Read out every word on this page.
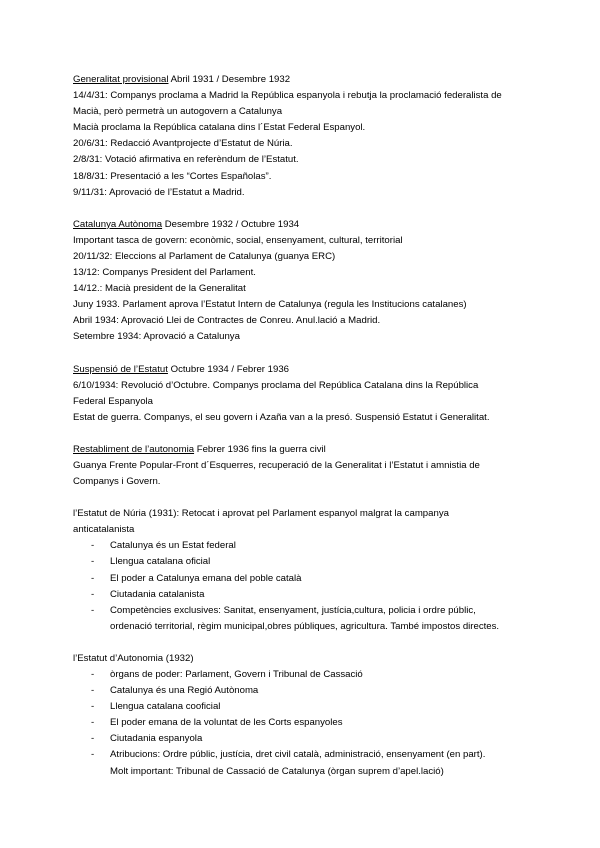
Generalitat provisional Abril 1931 / Desembre 1932
14/4/31: Companys proclama a Madrid la República espanyola i rebutja la proclamació federalista de
Macià, però permetrà un autogovern a Catalunya
Macià proclama la República catalana dins l´Estat Federal Espanyol.
20/6/31: Redacció Avantprojecte d’Estatut de Núria.
2/8/31: Votació afirmativa en referèndum de l’Estatut.
18/8/31: Presentació a les “Cortes Españolas”.
9/11/31: Aprovació de l’Estatut a Madrid.
Catalunya Autònoma Desembre 1932 / Octubre 1934
Important tasca de govern: econòmic, social, ensenyament, cultural, territorial
20/11/32: Eleccions al Parlament de Catalunya (guanya ERC)
13/12: Companys President del Parlament.
14/12.: Macià president de la Generalitat
Juny 1933. Parlament aprova l’Estatut Intern de Catalunya (regula les Institucions catalanes)
Abril 1934: Aprovació Llei de Contractes de Conreu. Anul.lació a Madrid.
Setembre 1934: Aprovació a Catalunya
Suspensió de l’Estatut Octubre 1934 / Febrer 1936
6/10/1934: Revolució d’Octubre. Companys proclama del República Catalana dins la República
Federal Espanyola
Estat de guerra. Companys, el seu govern i Azaña van a la presó. Suspensió Estatut i Generalitat.
Restabliment de l’autonomia Febrer 1936 fins la guerra civil
Guanya Frente Popular-Front d´Esquerres, recuperació de la Generalitat i l’Estatut i amnistia de
Companys i Govern.
l’Estatut de Núria (1931): Retocat i aprovat pel Parlament espanyol malgrat la campanya
anticatalanista
- Catalunya és un Estat federal
- Llengua catalana oficial
- El poder a Catalunya emana del poble català
- Ciutadania catalanista
- Competències exclusives: Sanitat, ensenyament, justícia,cultura, policia i ordre públic,
ordenació territorial, règim municipal,obres públiques, agricultura. També impostos directes.
l’Estatut d’Autonomia (1932)
- òrgans de poder: Parlament, Govern i Tribunal de Cassació
- Catalunya és una Regió Autònoma
- Llengua catalana cooficial
- El poder emana de la voluntat de les Corts espanyoles
- Ciutadania espanyola
- Atribucions: Ordre públic, justícia, dret civil català, administració, ensenyament (en part).
Molt important: Tribunal de Cassació de Catalunya (òrgan suprem d’apel.lació)
